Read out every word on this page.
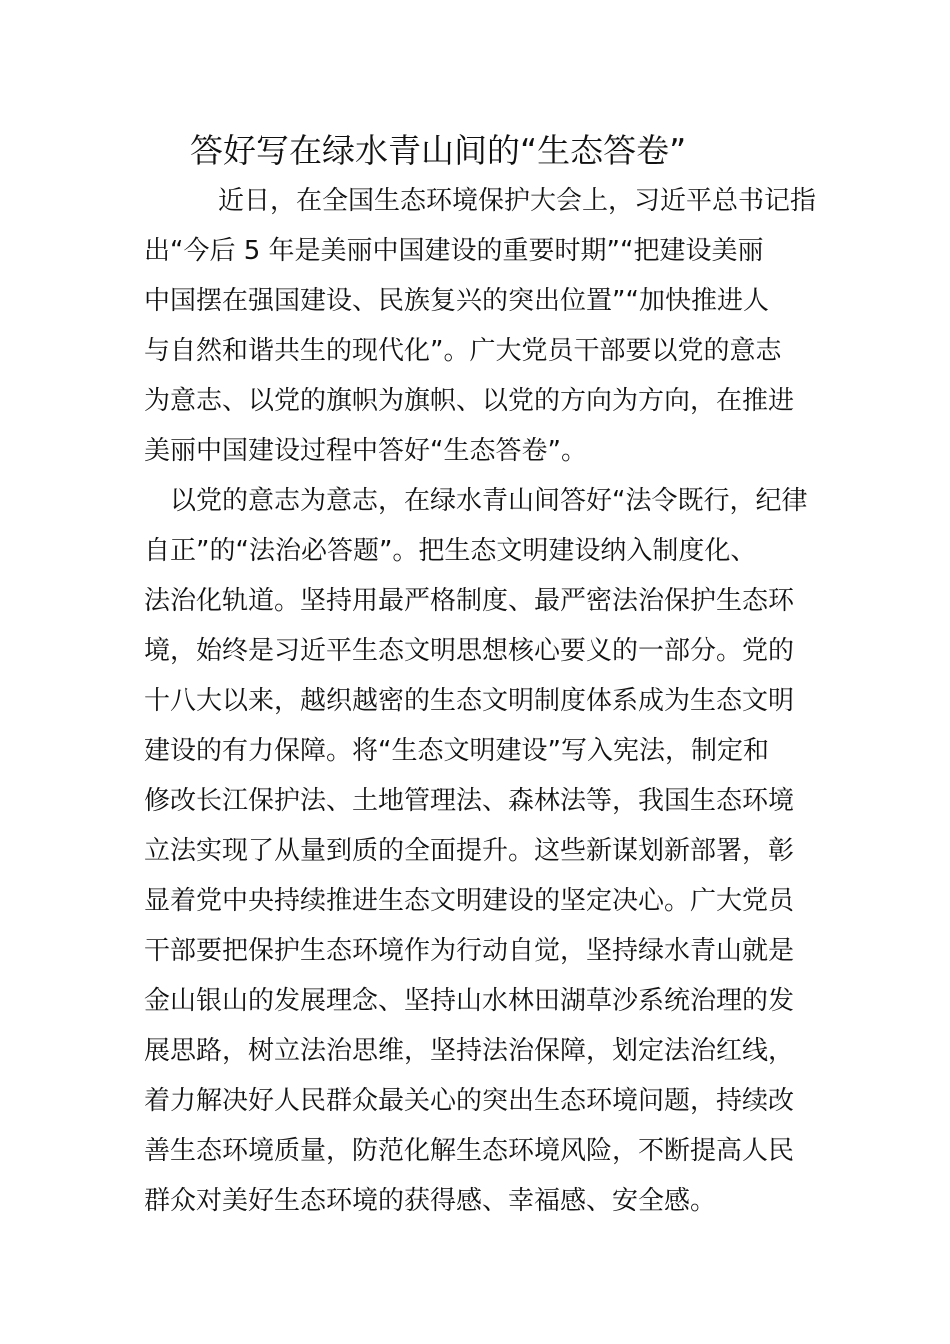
答好写在绿水青山间的“生态答卷”

近日，在全国生态环境保护大会上，习近平总书记指

出“今后 5 年是美丽中国建设的重要时期”“把建设美丽

中国摆在强国建设、民族复兴的突出位置”“加快推进人

与自然和谐共生的现代化”。广大党员干部要以党的意志

为意志、以党的旗帜为旗帜、以党的方向为方向，在推进

美丽中国建设过程中答好“生态答卷”。

以党的意志为意志，在绿水青山间答好“法令既行，纪律

自正”的“法治必答题”。把生态文明建设纳入制度化、

法治化轨道。坚持用最严格制度、最严密法治保护生态环

境，始终是习近平生态文明思想核心要义的一部分。党的

十八大以来，越织越密的生态文明制度体系成为生态文明

建设的有力保障。将“生态文明建设”写入宪法，制定和

修改长江保护法、土地管理法、森林法等，我国生态环境

立法实现了从量到质的全面提升。这些新谋划新部署，彰

显着党中央持续推进生态文明建设的坚定决心。广大党员

干部要把保护生态环境作为行动自觉，坚持绿水青山就是

金山银山的发展理念、坚持山水林田湖草沙系统治理的发

展思路，树立法治思维，坚持法治保障，划定法治红线，

着力解决好人民群众最关心的突出生态环境问题，持续改

善生态环境质量，防范化解生态环境风险，不断提高人民

群众对美好生态环境的获得感、幸福感、安全感。
